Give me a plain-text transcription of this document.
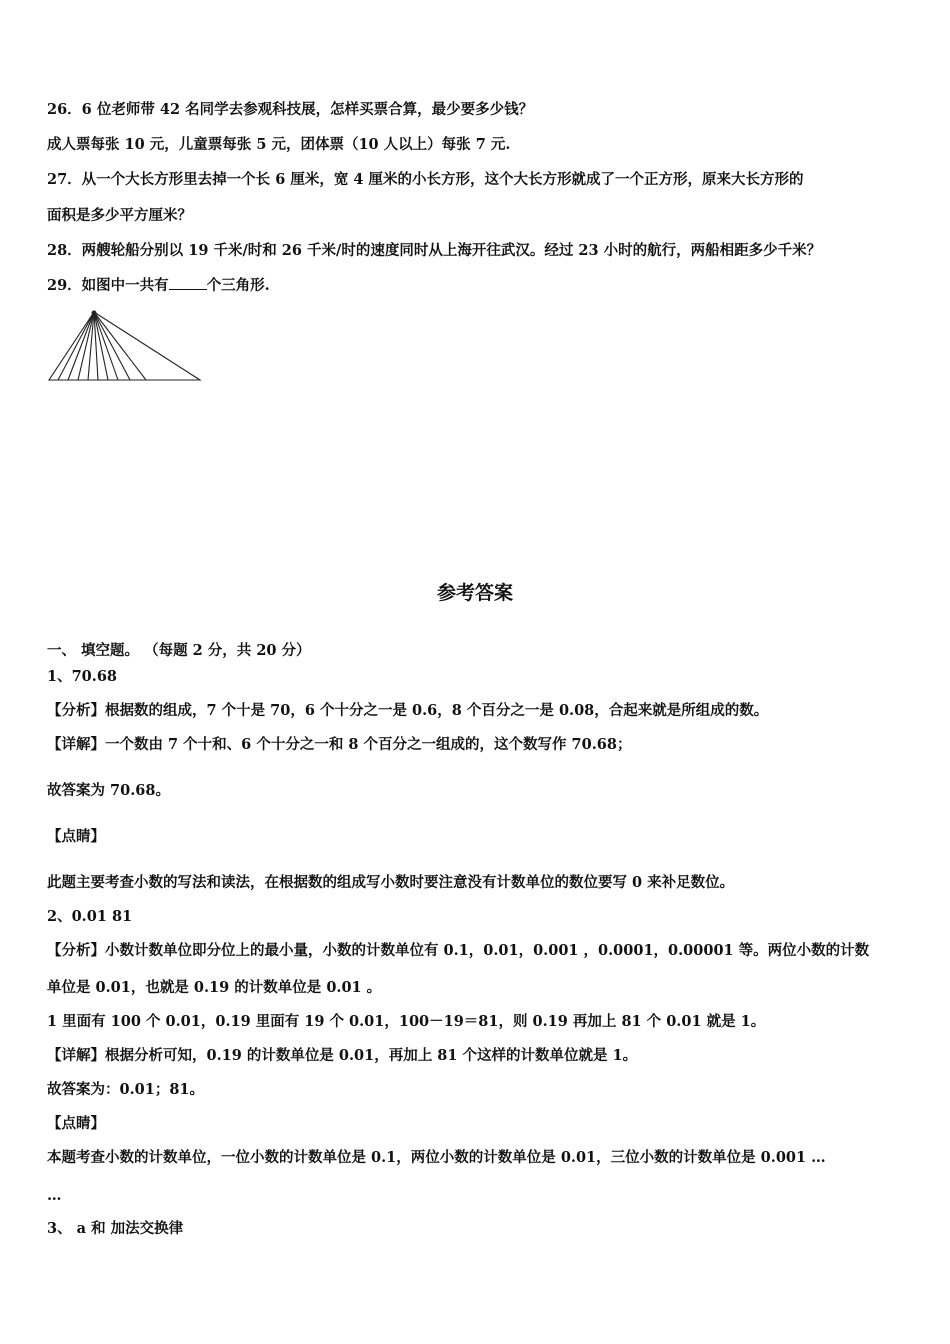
26．6 位老师带 42 名同学去参观科技展，怎样买票合算，最少要多少钱？
成人票每张 10 元，儿童票每张 5 元，团体票（10 人以上）每张 7 元.
27．从一个大长方形里去掉一个长 6 厘米，宽 4 厘米的小长方形，这个大长方形就成了一个正方形，原来大长方形的
面积是多少平方厘米？
28．两艘轮船分别以 19 千米/时和 26 千米/时的速度同时从上海开往武汉。经过 23 小时的航行，两船相距多少千米？
29．如图中一共有	个三角形.
参考答案
一、 填空题。 （每题 2 分，共 20 分）
1、70.68
【分析】根据数的组成，7 个十是 70，6 个十分之一是 0.6，8 个百分之一是 0.08，合起来就是所组成的数。
【详解】一个数由 7 个十和、6 个十分之一和 8 个百分之一组成的，这个数写作 70.68；
故答案为 70.68。
【点睛】
此题主要考查小数的写法和读法，在根据数的组成写小数时要注意没有计数单位的数位要写 0 来补足数位。
2、0.01 81
【分析】小数计数单位即分位上的最小量，小数的计数单位有 0.1，0.01，0.001 ，0.0001，0.00001 等。两位小数的计数
单位是 0.01，也就是 0.19 的计数单位是 0.01 。
1 里面有 100 个 0.01，0.19 里面有 19 个 0.01，100－19＝81，则 0.19 再加上 81 个 0.01 就是 1。
【详解】根据分析可知，0.19 的计数单位是 0.01，再加上 81 个这样的计数单位就是 1。
故答案为：0.01；81。
【点睛】
本题考查小数的计数单位，一位小数的计数单位是 0.1，两位小数的计数单位是 0.01，三位小数的计数单位是 0.001 …
…
3、 a 和 加法交换律
